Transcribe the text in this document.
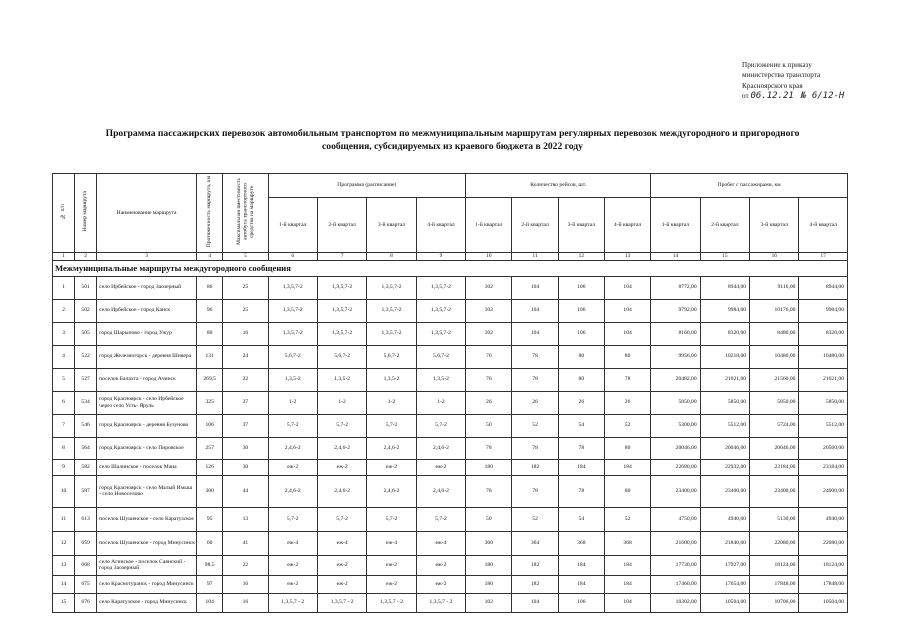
Приложение к приказу
министерства транспорта
Красноярского края
от 06.12.21 № 6/12-Н
Программа пассажирских перевозок автомобильным транспортом по межмуниципальным маршрутам регулярных перевозок междугородного и пригородного сообщения, субсидируемых из краевого бюджета в 2022 году
№ п/п	Номер маршрута	Наименование маршрута	Протяженность маршрута, км	Максимальная вместимость автобуса транспортного средства на маршруте	Программа (расписание)				Количество рейсов, шт.				Пробег с пассажирами, км			
					1-й квартал	2-й квартал	3-й квартал	4-й квартал	1-й квартал	2-й квартал	3-й квартал	4-й квартал	1-й квартал	2-й квартал	3-й квартал	4-й квартал
1	2	3	4	5	6	7	8	9	10	11	12	13	14	15	16	17
Межмуниципальные маршруты междугородного сообщения																
1	501	село Ирбейское - город Заозерный	86	25	1,3,5,7-2	1,3,5,7-2	1,3,5,7-2	1,3,5,7-2	102	104	106	104	8772,00	8944,00	9116,00	8944,00
2	502	село Ирбейское - город Канск	96	25	1,3,5,7-2	1,3,5,7-2	1,3,5,7-2	1,3,5,7-2	102	104	106	104	9792,00	9984,00	10176,00	9984,00
3	505	город Шарыпово - город Ужур	80	16	1,3,5,7-2	1,3,5,7-2	1,3,5,7-2	1,3,5,7-2	102	104	106	104	8160,00	8320,00	8480,00	8320,00
4	522	город Железногорск - деревня Шивера	131	24	5,6,7-2	5,6,7-2	5,6,7-2	5,6,7-2	76	78	80	80	9956,00	10218,00	10480,00	10480,00
5	527	поселок Балахта - город Ачинск	269,5	22	1,3,5-2	1,3,5-2	1,3,5-2	1,3,5-2	76	78	80	78	20482,00	21021,00	21560,00	21021,00
6	534	город Красноярск - село Ирбейское через село Усть- Яруль	325	37	1-2	1-2	1-2	1-2	26	26	26	26	5850,00	5850,00	5850,00	5850,00
7	546	город Красноярск - деревня Бузуново	106	37	5,7-2	5,7-2	5,7-2	5,7-2	50	52	54	52	5300,00	5512,00	5724,00	5512,00
8	564	город Красноярск - село Пировское	257	30	2,4,6-2	2,4,6-2	2,4,6-2	2,4,6-2	78	78	78	80	20046,00	20046,00	20046,00	20560,00
9	582	село Шалинское - поселок Мана	126	30	еж-2	еж-2	еж-2	еж-2	180	182	184	184	22680,00	22932,00	23184,00	23184,00
10	587	город Красноярск - село Малый Имыш - село Новоселово	300	44	2,4,6-2	2,4,6-2	2,4,6-2	2,4,6-2	78	78	78	80	23400,00	23400,00	23400,00	24000,00
11	613	поселок Шушенское - село Каратузское	95	13	5,7-2	5,7-2	5,7-2	5,7-2	50	52	54	52	4750,00	4940,00	5130,00	4940,00
12	659	поселок Шушенское - город Минусинск	60	41	еж-4	еж-4	еж-4	еж-4	360	364	368	368	21600,00	21840,00	22080,00	22080,00
13	668	село Агинское - поселок Саянский - город Заозерный	98,5	22	еж-2	еж-2	еж-2	еж-2	180	182	184	184	17730,00	17927,00	18124,00	18124,00
14	675	село Краснотуранск - город Минусинск	97	16	еж-2	еж-2	еж-2	еж-2	180	182	184	184	17460,00	17654,00	17848,00	17848,00
15	676	село Каратузское - город Минусинск	104	16	1,3,5,7 - 2	1,3,5,7 - 2	1,3,5,7 - 2	1,3,5,7 - 2	102	104	106	104	10302,00	10504,00	10706,00	10504,00
